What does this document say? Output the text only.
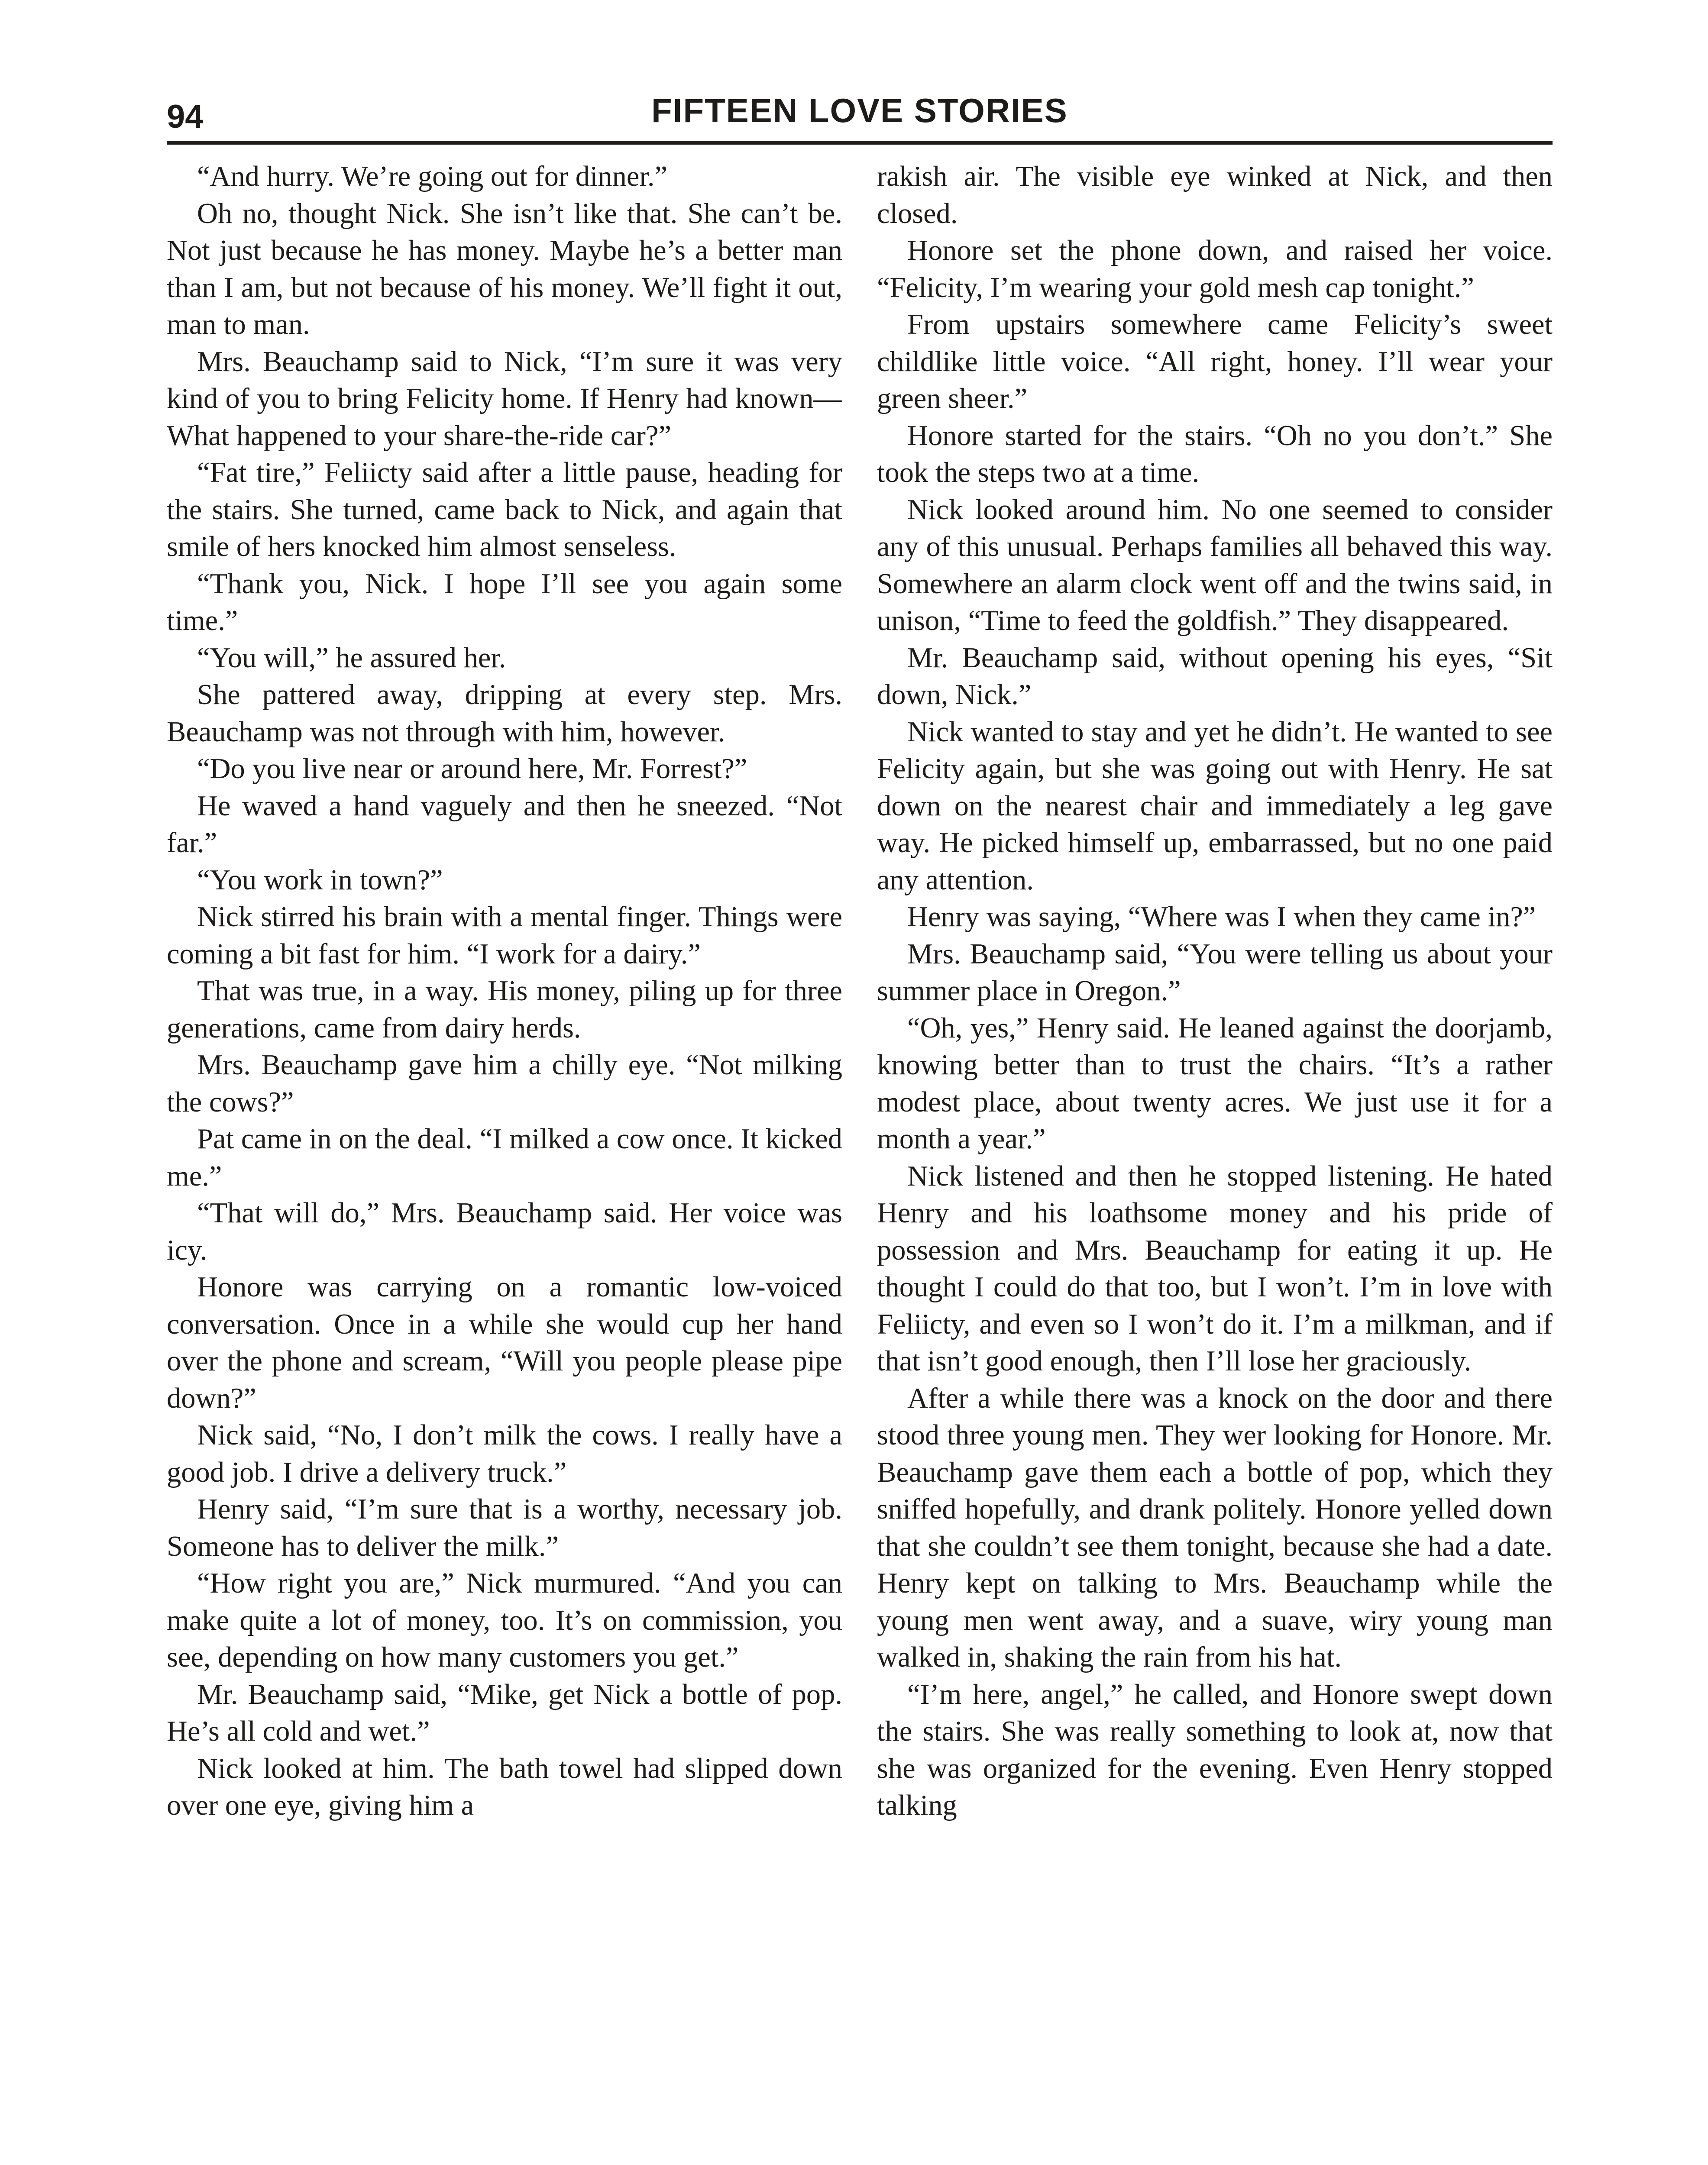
94	FIFTEEN LOVE STORIES

“And hurry. We’re going out for dinner.”

Oh no, thought Nick. She isn’t like that. She can’t be. Not just because he has money. Maybe he’s a better man than I am, but not because of his money. We’ll fight it out, man to man.

Mrs. Beauchamp said to Nick, “I’m sure it was very kind of you to bring Felicity home. If Henry had known— What happened to your share-the-ride car?”

“Fat tire,” Feliicty said after a little pause, heading for the stairs. She turned, came back to Nick, and again that smile of hers knocked him almost senseless.

“Thank you, Nick. I hope I’ll see you again some time.”

“You will,” he assured her.

She pattered away, dripping at every step. Mrs. Beauchamp was not through with him, however.

“Do you live near or around here, Mr. Forrest?”

He waved a hand vaguely and then he sneezed. “Not far.”

“You work in town?”

Nick stirred his brain with a mental finger. Things were coming a bit fast for him. “I work for a dairy.”

That was true, in a way. His money, piling up for three generations, came from dairy herds.

Mrs. Beauchamp gave him a chilly eye. “Not milking the cows?”

Pat came in on the deal. “I milked a cow once. It kicked me.”

“That will do,” Mrs. Beauchamp said. Her voice was icy.

Honore was carrying on a romantic low-voiced conversation. Once in a while she would cup her hand over the phone and scream, “Will you people please pipe down?”

Nick said, “No, I don’t milk the cows. I really have a good job. I drive a delivery truck.”

Henry said, “I’m sure that is a worthy, necessary job. Someone has to deliver the milk.”

“How right you are,” Nick murmured. “And you can make quite a lot of money, too. It’s on commission, you see, depending on how many customers you get.”

Mr. Beauchamp said, “Mike, get Nick a bottle of pop. He’s all cold and wet.”

Nick looked at him. The bath towel had slipped down over one eye, giving him a

rakish air. The visible eye winked at Nick, and then closed.

Honore set the phone down, and raised her voice. “Felicity, I’m wearing your gold mesh cap tonight.”

From upstairs somewhere came Felicity’s sweet childlike little voice. “All right, honey. I’ll wear your green sheer.”

Honore started for the stairs. “Oh no you don’t.” She took the steps two at a time.

Nick looked around him. No one seemed to consider any of this unusual. Perhaps families all behaved this way. Somewhere an alarm clock went off and the twins said, in unison, “Time to feed the goldfish.” They disappeared.

Mr. Beauchamp said, without opening his eyes, “Sit down, Nick.”

Nick wanted to stay and yet he didn’t. He wanted to see Felicity again, but she was going out with Henry. He sat down on the nearest chair and immediately a leg gave way. He picked himself up, embarrassed, but no one paid any attention.

Henry was saying, “Where was I when they came in?”

Mrs. Beauchamp said, “You were telling us about your summer place in Oregon.”

“Oh, yes,” Henry said. He leaned against the doorjamb, knowing better than to trust the chairs. “It’s a rather modest place, about twenty acres. We just use it for a month a year.”

Nick listened and then he stopped listening. He hated Henry and his loathsome money and his pride of possession and Mrs. Beauchamp for eating it up. He thought I could do that too, but I won’t. I’m in love with Feliicty, and even so I won’t do it. I’m a milkman, and if that isn’t good enough, then I’ll lose her graciously.

After a while there was a knock on the door and there stood three young men. They wer looking for Honore. Mr. Beauchamp gave them each a bottle of pop, which they sniffed hopefully, and drank politely. Honore yelled down that she couldn’t see them tonight, because she had a date. Henry kept on talking to Mrs. Beauchamp while the young men went away, and a suave, wiry young man walked in, shaking the rain from his hat.

“I’m here, angel,” he called, and Honore swept down the stairs. She was really something to look at, now that she was organized for the evening. Even Henry stopped talking
